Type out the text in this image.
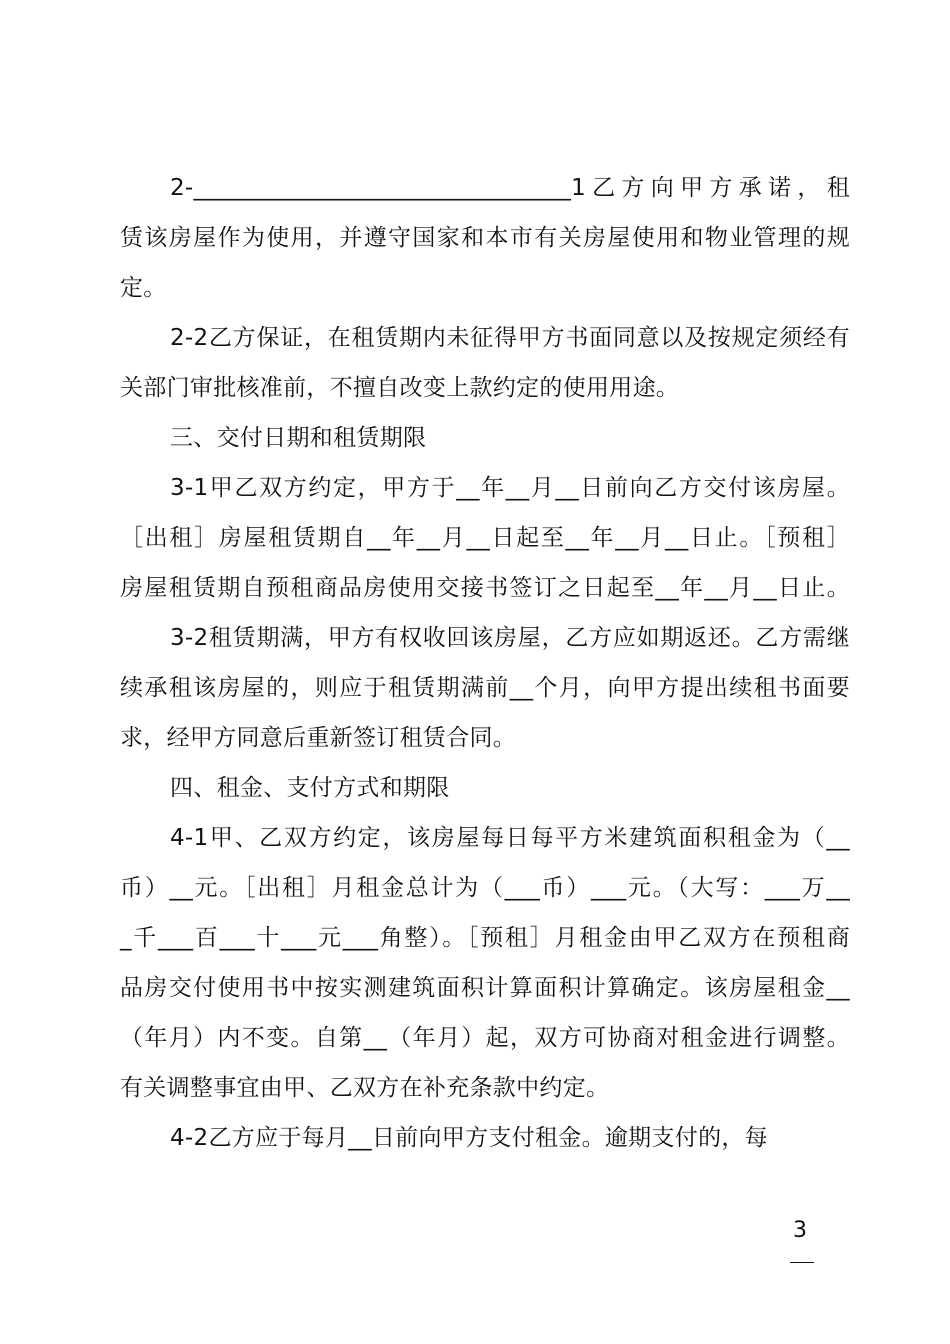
2-________________________________1乙方向甲方承诺，租
赁该房屋作为使用，并遵守国家和本市有关房屋使用和物业管理的规
定。
2-2乙方保证，在租赁期内未征得甲方书面同意以及按规定须经有
关部门审批核准前，不擅自改变上款约定的使用用途。
三、交付日期和租赁期限
3-1甲乙双方约定，甲方于__年__月__日前向乙方交付该房屋。
［出租］房屋租赁期自__年__月__日起至__年__月__日止。［预租］
房屋租赁期自预租商品房使用交接书签订之日起至__年__月__日止。
3-2租赁期满，甲方有权收回该房屋，乙方应如期返还。乙方需继
续承租该房屋的，则应于租赁期满前__个月，向甲方提出续租书面要
求，经甲方同意后重新签订租赁合同。
四、租金、支付方式和期限
4-1甲、乙双方约定，该房屋每日每平方米建筑面积租金为（__
币）__元。［出租］月租金总计为（___币）___元。（大写：___万__
_千___百___十___元___角整）。［预租］月租金由甲乙双方在预租商
品房交付使用书中按实测建筑面积计算面积计算确定。该房屋租金__
（年月）内不变。自第__（年月）起，双方可协商对租金进行调整。
有关调整事宜由甲、乙双方在补充条款中约定。
4-2乙方应于每月__日前向甲方支付租金。逾期支付的，每
3
